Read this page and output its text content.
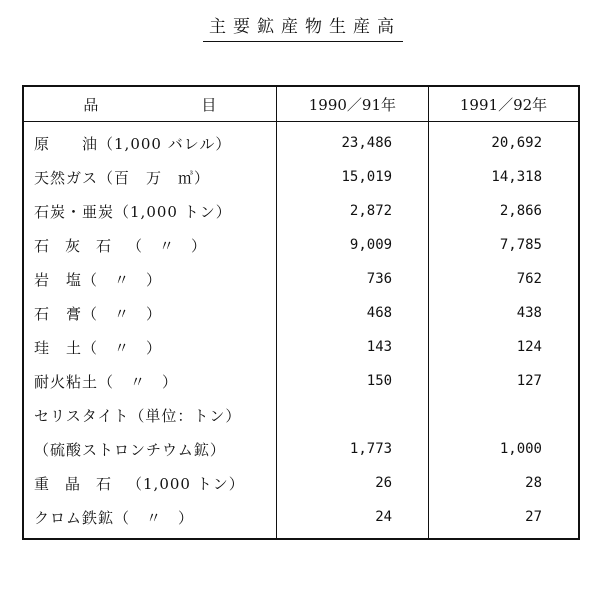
主要鉱産物生産高
品　目	1990／91年	1991／92年
原　　油（1,000 バレル）	23,486	20,692
天然ガス（百　万　㎥）	15,019	14,318
石炭・亜炭（1,000 トン）	2,872	2,866
石灰石（　〃　）	9,009	7,785
岩　塩（　〃　）	736	762
石　膏（　〃　）	468	438
珪　土（　〃　）	143	124
耐火粘土（　〃　）	150	127
セリスタイト（単位：トン）		
（硫酸ストロンチウム鉱）	1,773	1,000
重晶石（1,000 トン）	26	28
クロム鉄鉱（　〃　）	24	27
